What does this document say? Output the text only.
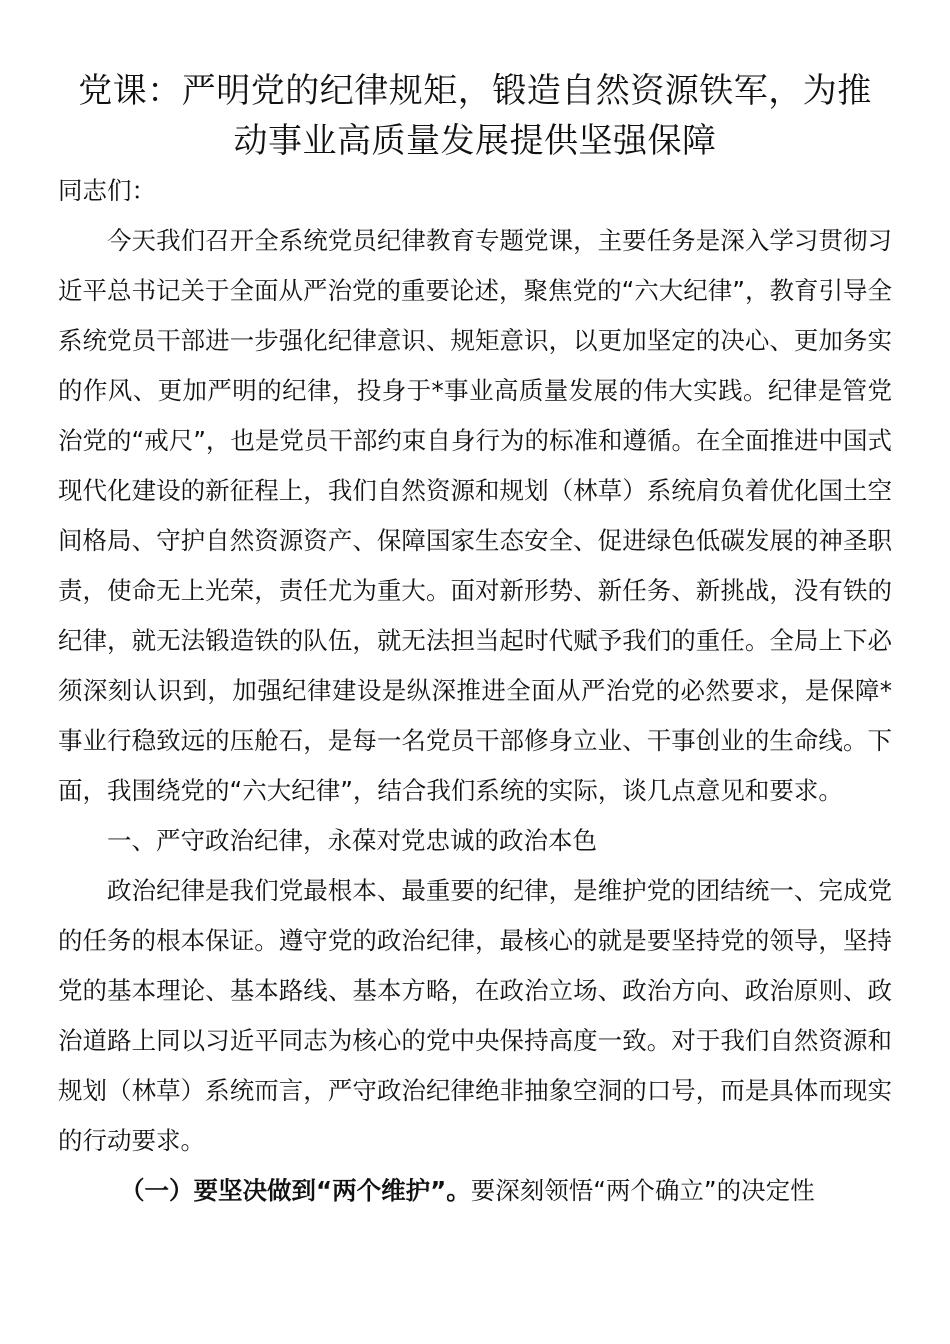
党课：严明党的纪律规矩，锻造自然资源铁军，为推
动事业高质量发展提供坚强保障

同志们：

今天我们召开全系统党员纪律教育专题党课，主要任务是深入学习贯彻习近平总书记关于全面从严治党的重要论述，聚焦党的“六大纪律”，教育引导全系统党员干部进一步强化纪律意识、规矩意识，以更加坚定的决心、更加务实的作风、更加严明的纪律，投身于*事业高质量发展的伟大实践。纪律是管党治党的“戒尺”，也是党员干部约束自身行为的标准和遵循。在全面推进中国式现代化建设的新征程上，我们自然资源和规划（林草）系统肩负着优化国土空间格局、守护自然资源资产、保障国家生态安全、促进绿色低碳发展的神圣职责，使命无上光荣，责任尤为重大。面对新形势、新任务、新挑战，没有铁的纪律，就无法锻造铁的队伍，就无法担当起时代赋予我们的重任。全局上下必须深刻认识到，加强纪律建设是纵深推进全面从严治党的必然要求，是保障*事业行稳致远的压舱石，是每一名党员干部修身立业、干事创业的生命线。下面，我围绕党的“六大纪律”，结合我们系统的实际，谈几点意见和要求。

一、严守政治纪律，永葆对党忠诚的政治本色

政治纪律是我们党最根本、最重要的纪律，是维护党的团结统一、完成党的任务的根本保证。遵守党的政治纪律，最核心的就是要坚持党的领导，坚持党的基本理论、基本路线、基本方略，在政治立场、政治方向、政治原则、政治道路上同以习近平同志为核心的党中央保持高度一致。对于我们自然资源和规划（林草）系统而言，严守政治纪律绝非抽象空洞的口号，而是具体而现实的行动要求。

（一）要坚决做到“两个维护”。要深刻领悟“两个确立”的决定性
